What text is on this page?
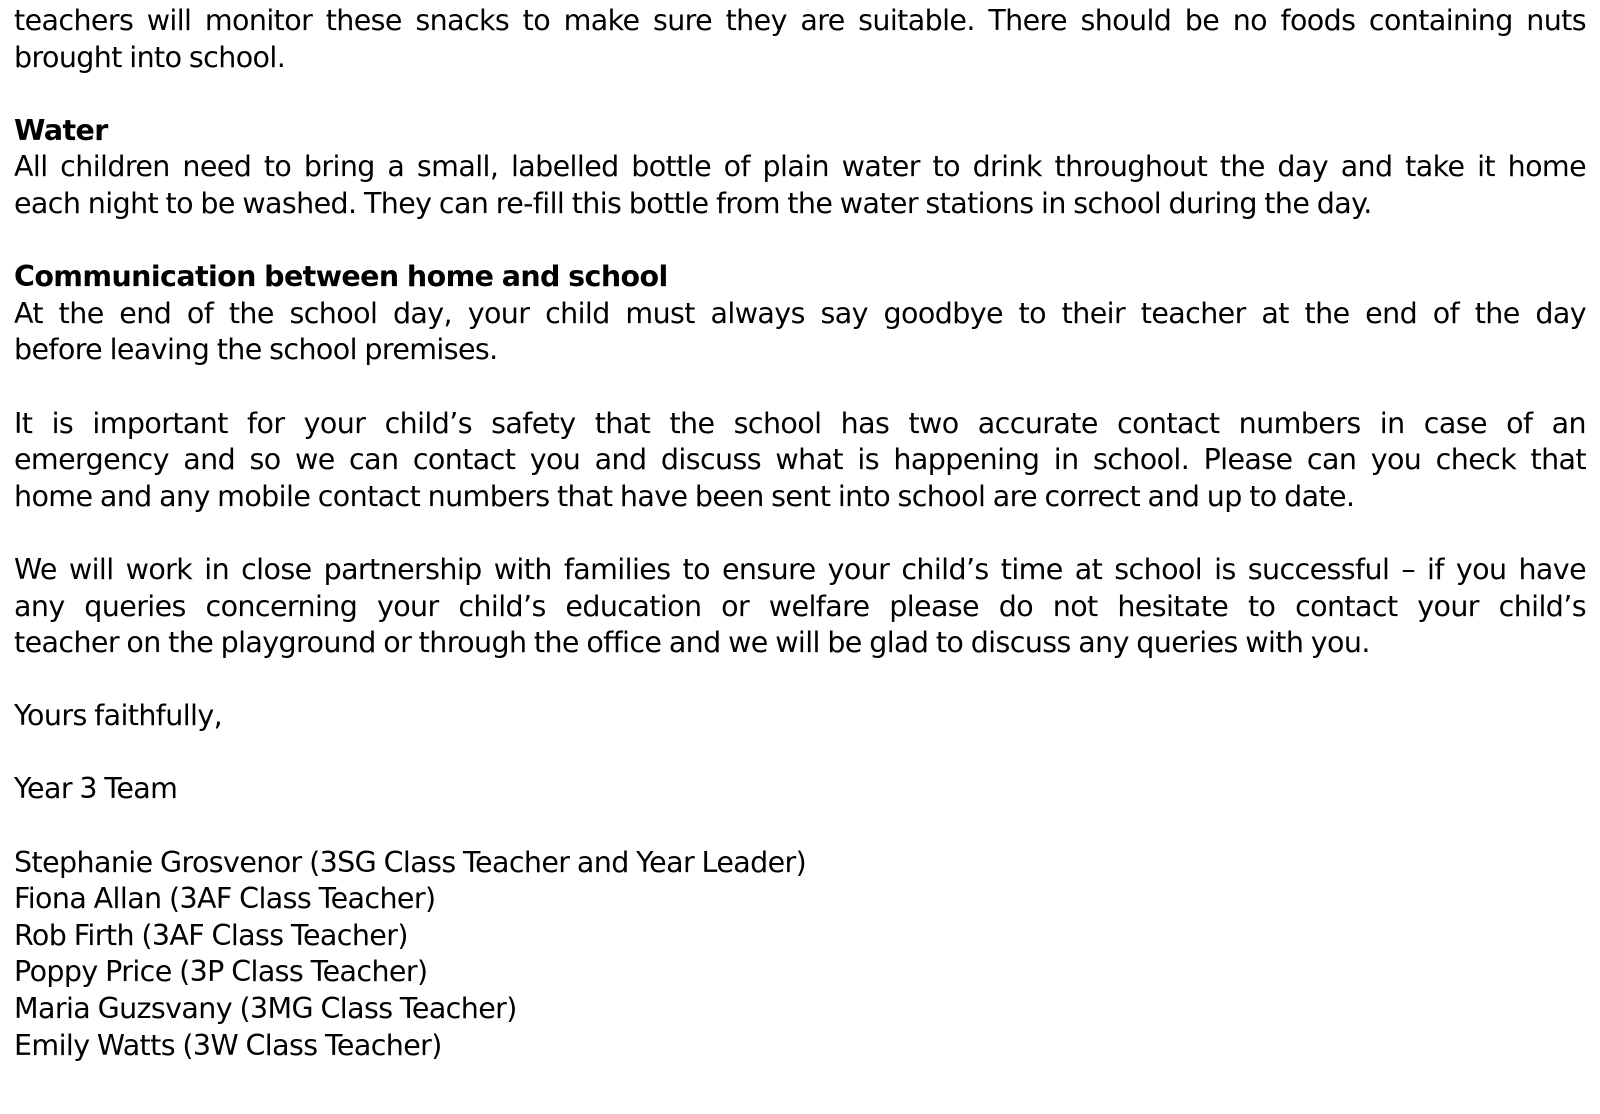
teachers will monitor these snacks to make sure they are suitable. There should be no foods containing nuts
brought into school.
Water
All children need to bring a small, labelled bottle of plain water to drink throughout the day and take it home
each night to be washed. They can re-fill this bottle from the water stations in school during the day.
Communication between home and school
At the end of the school day, your child must always say goodbye to their teacher at the end of the day
before leaving the school premises.
It is important for your child’s safety that the school has two accurate contact numbers in case of an
emergency and so we can contact you and discuss what is happening in school. Please can you check that
home and any mobile contact numbers that have been sent into school are correct and up to date.
We will work in close partnership with families to ensure your child’s time at school is successful – if you have
any queries concerning your child’s education or welfare please do not hesitate to contact your child’s
teacher on the playground or through the office and we will be glad to discuss any queries with you.
Yours faithfully,
Year 3 Team
Stephanie Grosvenor (3SG Class Teacher and Year Leader)
Fiona Allan (3AF Class Teacher)
Rob Firth (3AF Class Teacher)
Poppy Price (3P Class Teacher)
Maria Guzsvany (3MG Class Teacher)
Emily Watts (3W Class Teacher)
